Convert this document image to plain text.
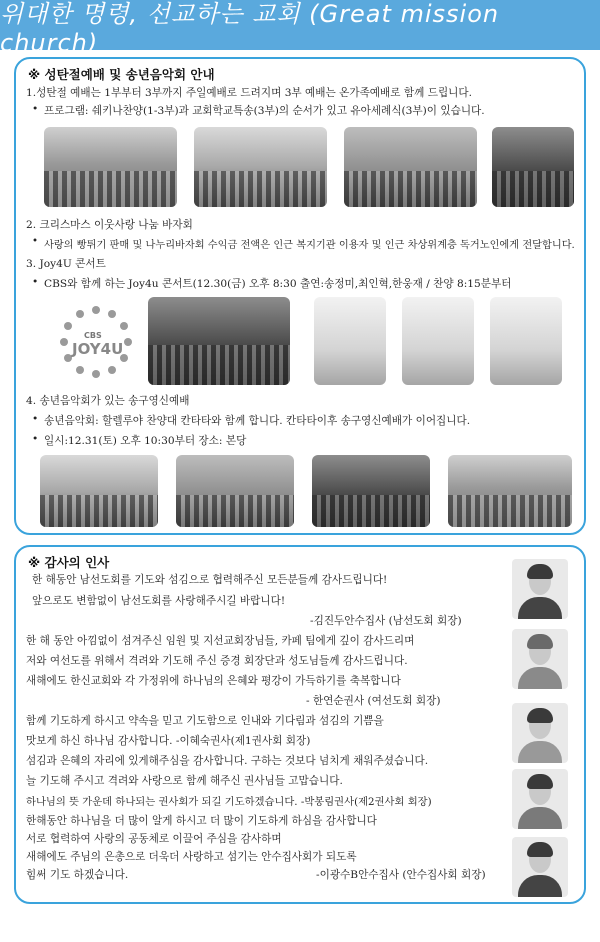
위대한 명령, 선교하는 교회 (Great mission church)
※ 성탄절예배 및 송년음악회 안내
1.성탄절 예배는 1부부터 3부까지 주일예배로 드려지며 3부 예배는 온가족예배로 함께 드립니다.
• 프로그램: 쉐키나찬양(1-3부)과 교회학교특송(3부)의 순서가 있고 유아세례식(3부)이 있습니다.
2. 크리스마스 이웃사랑 나눔 바자회
• 사랑의 빵튀기 판매 및 나누리바자회 수익금 전액은 인근 복지기관 이용자 및 인근 차상위계층 독거노인에게 전달합니다.
3. Joy4U 콘서트
• CBS와 함께 하는 Joy4u 콘서트(12.30(금) 오후 8:30 출연:송정미,최인혁,한웅재 / 찬양 8:15분부터
CBS
JOY4U
4. 송년음악회가 있는 송구영신예배
• 송년음악회: 할렐루야 찬양대 칸타타와 함께 합니다. 칸타타이후 송구영신예배가 이어집니다.
• 일시:12.31(토) 오후 10:30부터 장소: 본당
※ 감사의 인사
한 해동안 남선도회를 기도와 섬김으로 협력해주신 모든분들께 감사드립니다!
앞으로도 변함없이 남선도회를 사랑해주시길 바랍니다!
-김진두안수집사 (남선도회 회장)
한 해 동안 아낌없이 섬겨주신 임원 및 지선교회장님들, 카페 팀에게 깊이 감사드리며
저와 여선도를 위해서 격려와 기도해 주신 증경 회장단과 성도님들께 감사드립니다.
새해에도 한신교회와 각 가정위에 하나님의 은혜와 평강이 가득하기를 축복합니다
- 한연순권사 (여선도회 회장)
함께 기도하게 하시고 약속을 믿고 기도함으로 인내와 기다림과 섬김의 기쁨을
맛보게 하신 하나님 감사합니다. -이혜숙권사(제1권사회 회장)
섬김과 은혜의 자리에 있게해주심을 감사합니다. 구하는 것보다 넘치게 채워주셨습니다.
늘 기도해 주시고 격려와 사랑으로 함께 해주신 권사님들 고맙습니다.
하나님의 뜻 가운데 하나되는 권사회가 되길 기도하겠습니다. -박봉림권사(제2권사회 회장)
한해동안 하나님을 더 많이 알게 하시고 더 많이 기도하게 하심을 감사합니다
서로 협력하여 사랑의 공동체로 이끌어 주심을 감사하며
새해에도 주님의 은총으로 더욱더 사랑하고 섬기는 안수집사회가 되도록
힘써 기도 하겠습니다.	-이광수B안수집사 (안수집사회 회장)
